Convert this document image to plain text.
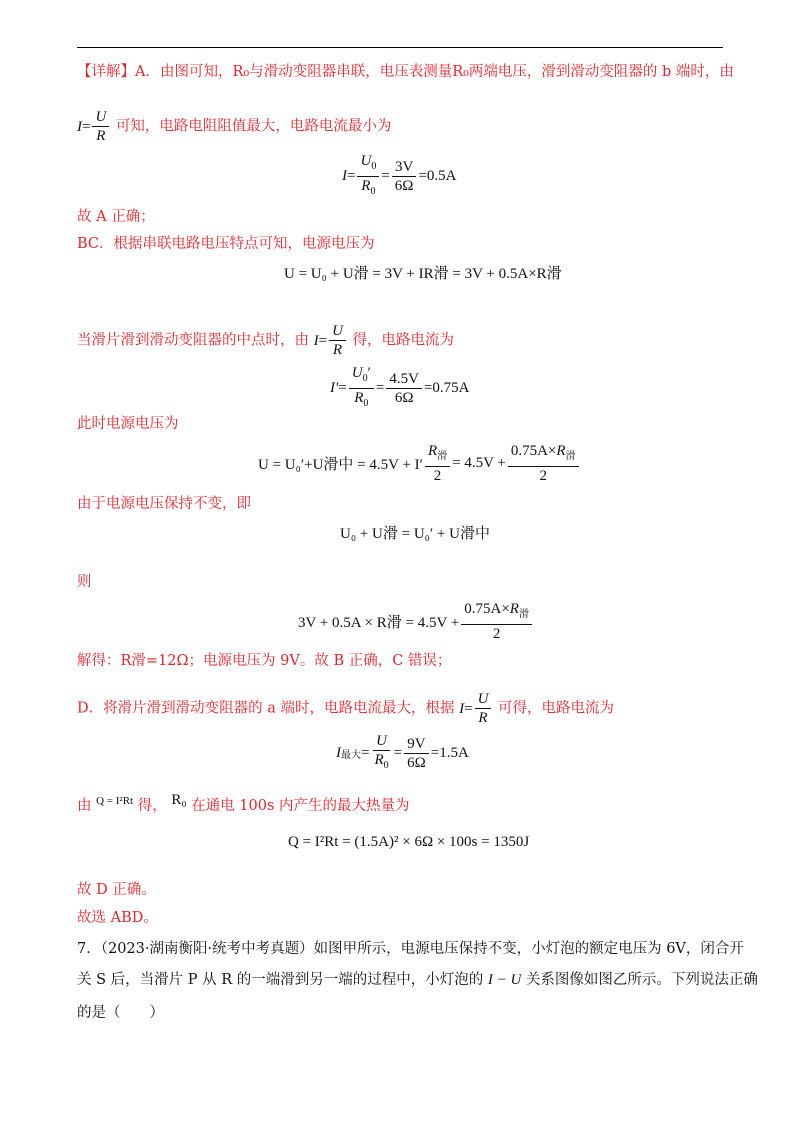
【详解】A．由图可知，R₀与滑动变阻器串联，电压表测量R₀两端电压，滑到滑动变阻器的 b 端时，由
$I = \frac{U}{R}$ 可知，电路电阻阻值最大，电路电流最小为
$I = \frac{U_0}{R_0} = \frac{3V}{6\Omega} =0.5A$
故 A 正确；
BC．根据串联电路电压特点可知，电源电压为
U = U₀ + U滑 = 3V + IR滑 = 3V + 0.5A×R滑
当滑片滑到滑动变阻器的中点时，由 $I = \frac{U}{R}$ 得，电路电流为
$I' = \frac{U_0'}{R_0} = \frac{4.5V}{6\Omega} =0.75A$
此时电源电压为
U = U₀′+U滑中 = $4.5V + I' \frac{R_滑}{2} = 4.5V + \frac{0.75A\times R_滑}{2}$
由于电源电压保持不变，即
U₀ + U滑 = U₀′ + U滑中
则
3V + 0.5A × R滑 = $4.5V + \frac{0.75A\times R_滑}{2}$
解得：R滑=12Ω；电源电压为 9V。故 B 正确，C 错误；
D．将滑片滑到滑动变阻器的 a 端时，电路电流最大，根据 $I = \frac{U}{R}$ 可得，电路电流为
I 最大 = $\frac{U}{R_0} = \frac{9V}{6\Omega} =1.5A$
由 Q = I²Rt 得， R₀ 在通电 100s 内产生的最大热量为
Q = I²Rt = (1.5A)² × 6Ω × 100s = 1350J
故 D 正确。
故选 ABD。
7．（2023·湖南衡阳·统考中考真题）如图甲所示，电源电压保持不变，小灯泡的额定电压为 6V，闭合开
关 S 后，当滑片 P 从 R 的一端滑到另一端的过程中，小灯泡的 I − U 关系图像如图乙所示。下列说法正确
的是（　　）
